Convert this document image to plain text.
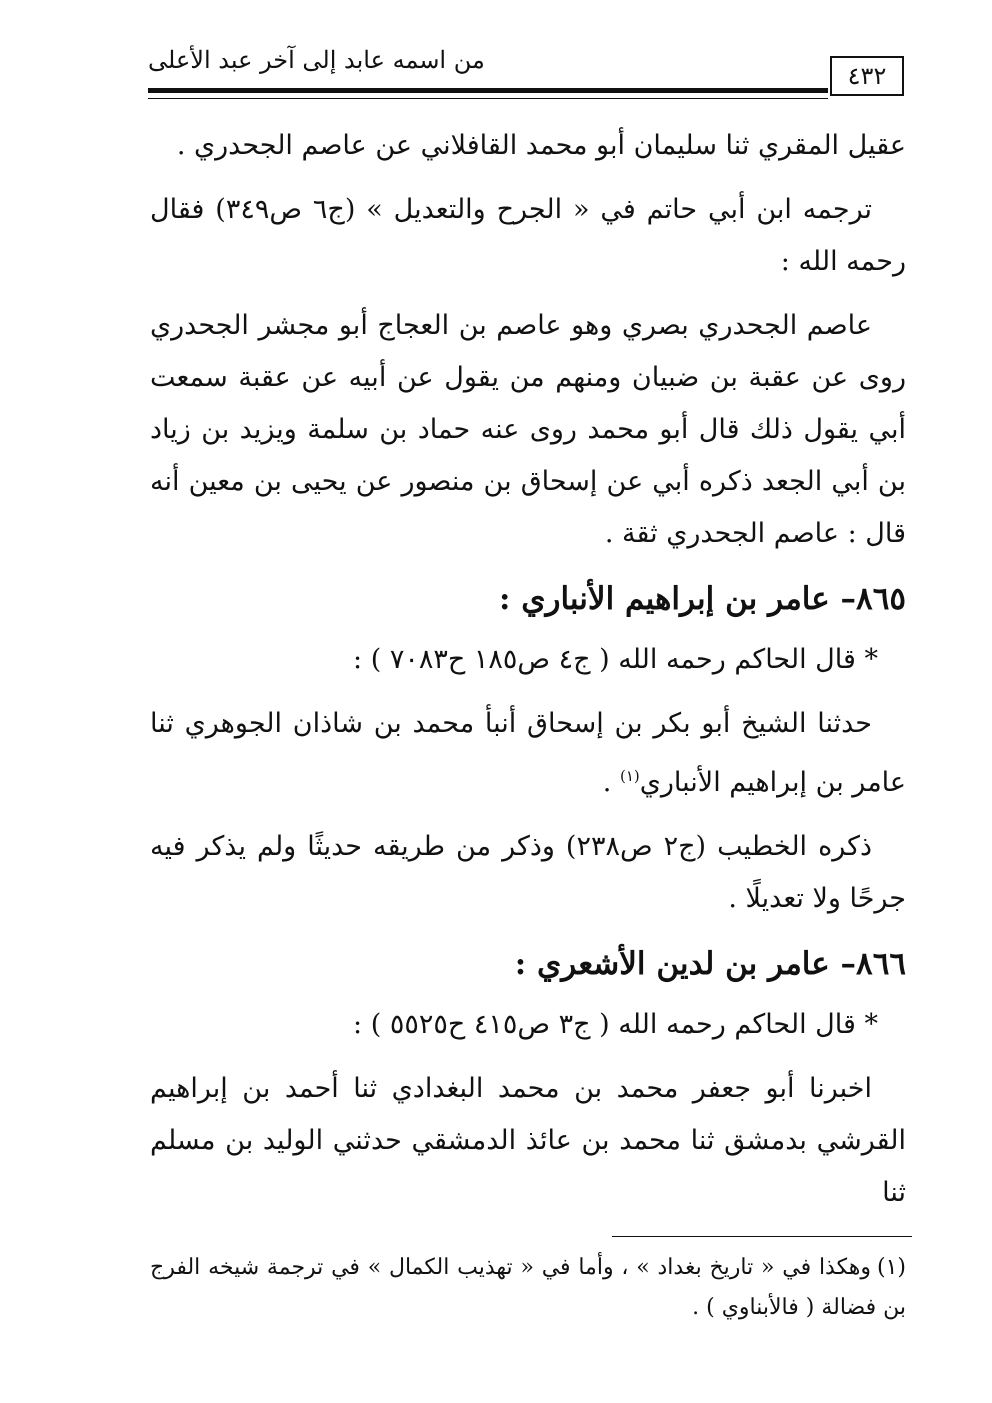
من اسمه عابد إلى آخر عبد الأعلى
٤٣٢

عقيل المقري ثنا سليمان أبو محمد القافلاني عن عاصم الجحدري .

ترجمه ابن أبي حاتم في « الجرح والتعديل » (ج٦ ص٣٤٩) فقال رحمه الله :

عاصم الجحدري بصري وهو عاصم بن العجاج أبو مجشر الجحدري روى عن عقبة بن ضبيان ومنهم من يقول عن أبيه عن عقبة سمعت أبي يقول ذلك قال أبو محمد روى عنه حماد بن سلمة ويزيد بن زياد بن أبي الجعد ذكره أبي عن إسحاق بن منصور عن يحيى بن معين أنه قال : عاصم الجحدري ثقة .

٨٦٥– عامر بن إبراهيم الأنباري :

* قال الحاكم رحمه الله ( ج٤ ص١٨٥ ح٧٠٨٣ ) :

حدثنا الشيخ أبو بكر بن إسحاق أنبأ محمد بن شاذان الجوهري ثنا عامر بن إبراهيم الأنباري$^{(١)}$ .

ذكره الخطيب (ج٢ ص٢٣٨) وذكر من طريقه حديثًا ولم يذكر فيه جرحًا ولا تعديلًا .

٨٦٦– عامر بن لدين الأشعري :

* قال الحاكم رحمه الله ( ج٣ ص٤١٥ ح٥٥٢٥ ) :

اخبرنا أبو جعفر محمد بن محمد البغدادي ثنا أحمد بن إبراهيم القرشي بدمشق ثنا محمد بن عائذ الدمشقي حدثني الوليد بن مسلم ثنا

(١)وهكذا في « تاريخ بغداد » ، وأما في « تهذيب الكمال » في ترجمة شيخه الفرج بن فضالة ( فالأبناوي ) .
